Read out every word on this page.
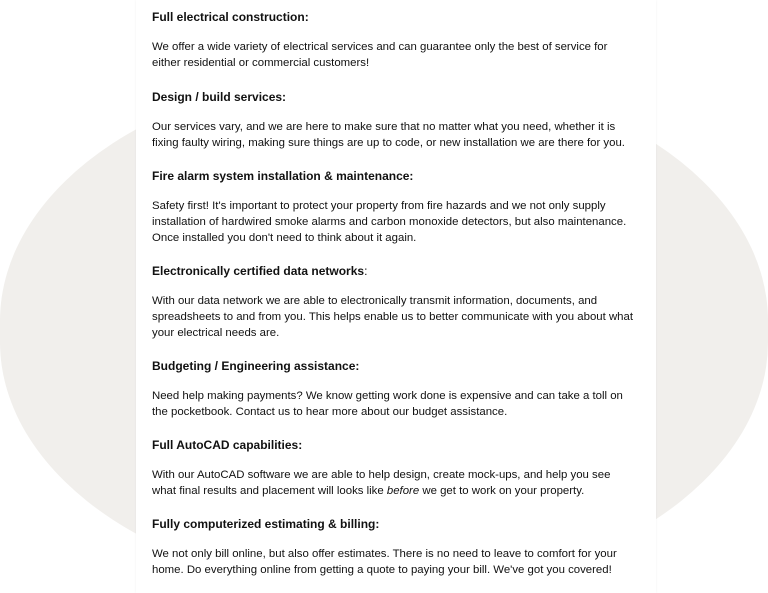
Full electrical construction:

We offer a wide variety of electrical services and can guarantee only the best of service for
either residential or commercial customers!

Design / build services:

Our services vary, and we are here to make sure that no matter what you need, whether it is
fixing faulty wiring, making sure things are up to code, or new installation we are there for you.

Fire alarm system installation & maintenance:

Safety first! It's important to protect your property from fire hazards and we not only supply
installation of hardwired smoke alarms and carbon monoxide detectors, but also maintenance.
Once installed you don't need to think about it again.

Electronically certified data networks:

With our data network we are able to electronically transmit information, documents, and
spreadsheets to and from you. This helps enable us to better communicate with you about what
your electrical needs are.

Budgeting / Engineering assistance:

Need help making payments? We know getting work done is expensive and can take a toll on
the pocketbook. Contact us to hear more about our budget assistance.

Full AutoCAD capabilities:

With our AutoCAD software we are able to help design, create mock-ups, and help you see
what final results and placement will looks like before we get to work on your property.

Fully computerized estimating & billing:

We not only bill online, but also offer estimates. There is no need to leave to comfort for your
home. Do everything online from getting a quote to paying your bill. We've got you covered!
